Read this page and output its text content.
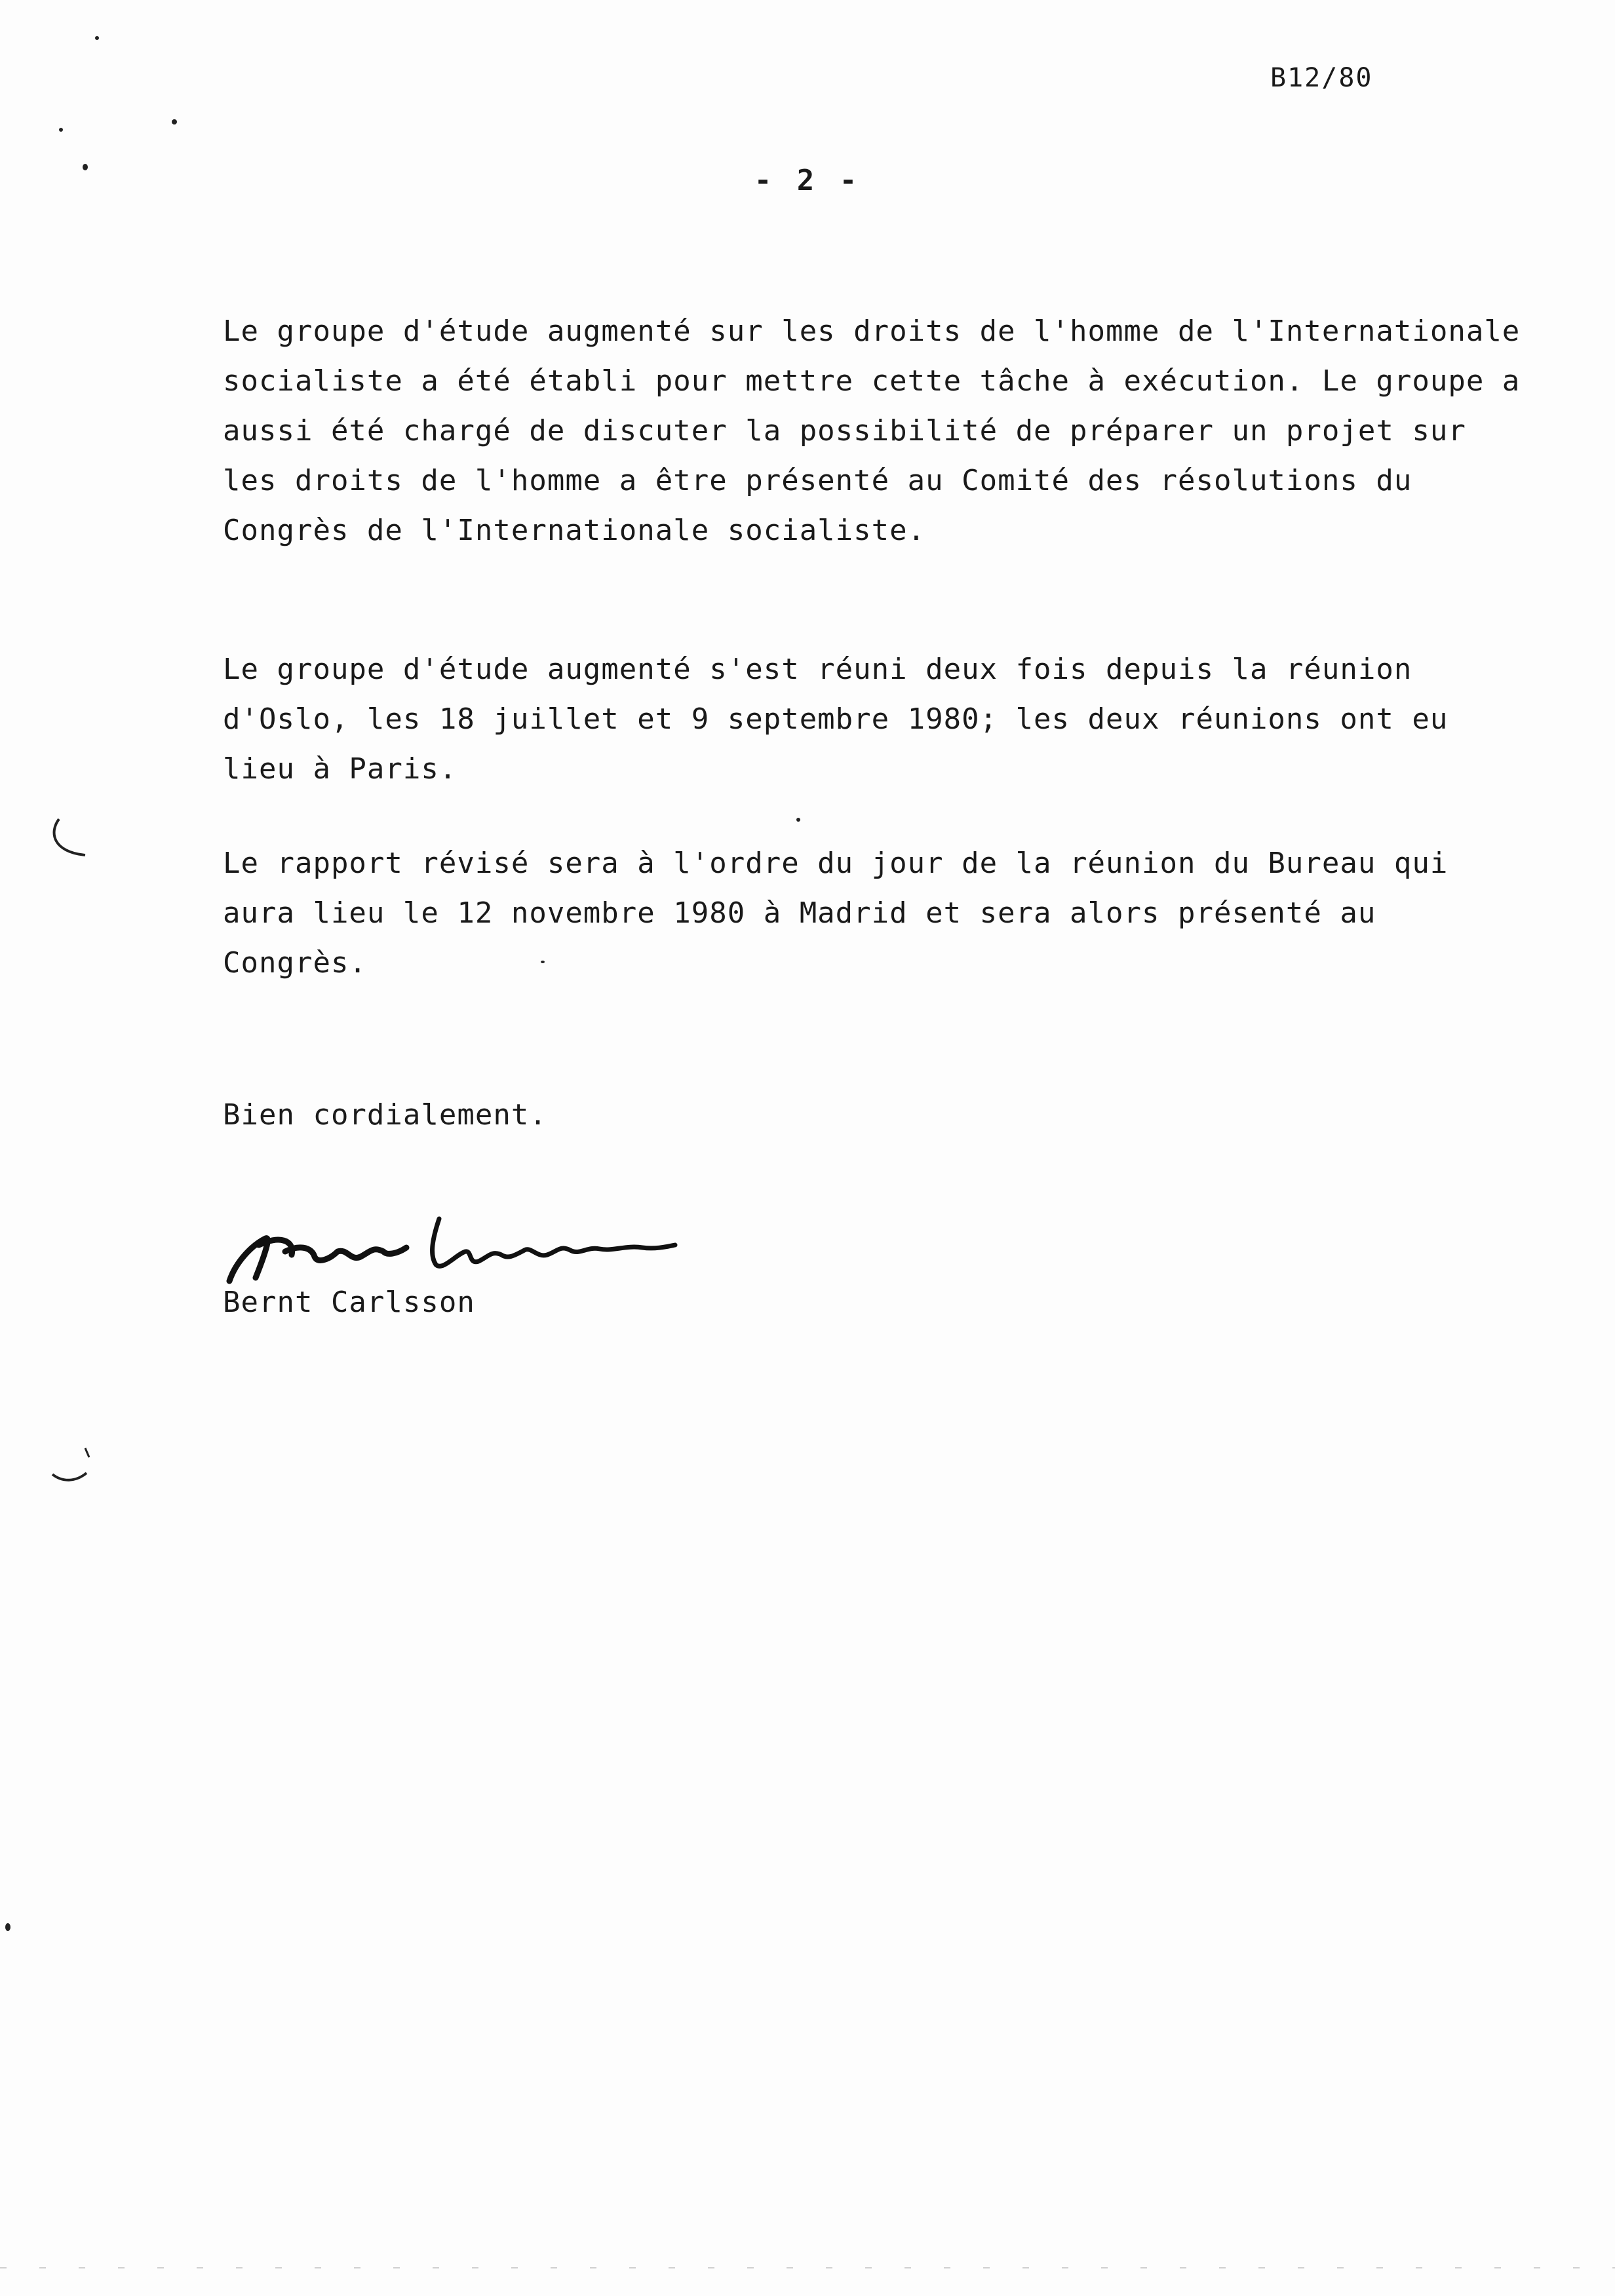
B12/80
- 2 -

Le groupe d'étude augmenté sur les droits de l'homme de l'Internationale socialiste a été établi pour mettre cette tâche à exécution. Le groupe a aussi été chargé de discuter la possibilité de préparer un projet sur les droits de l'homme a être présenté au Comité des résolutions du Congrès de l'Internationale socialiste.

Le groupe d'étude augmenté s'est réuni deux fois depuis la réunion d'Oslo, les 18 juillet et 9 septembre 1980; les deux réunions ont eu lieu à Paris.

Le rapport révisé sera à l'ordre du jour de la réunion du Bureau qui aura lieu le 12 novembre 1980 à Madrid et sera alors présenté au Congrès.

Bien cordialement.

Bernt Carlsson
